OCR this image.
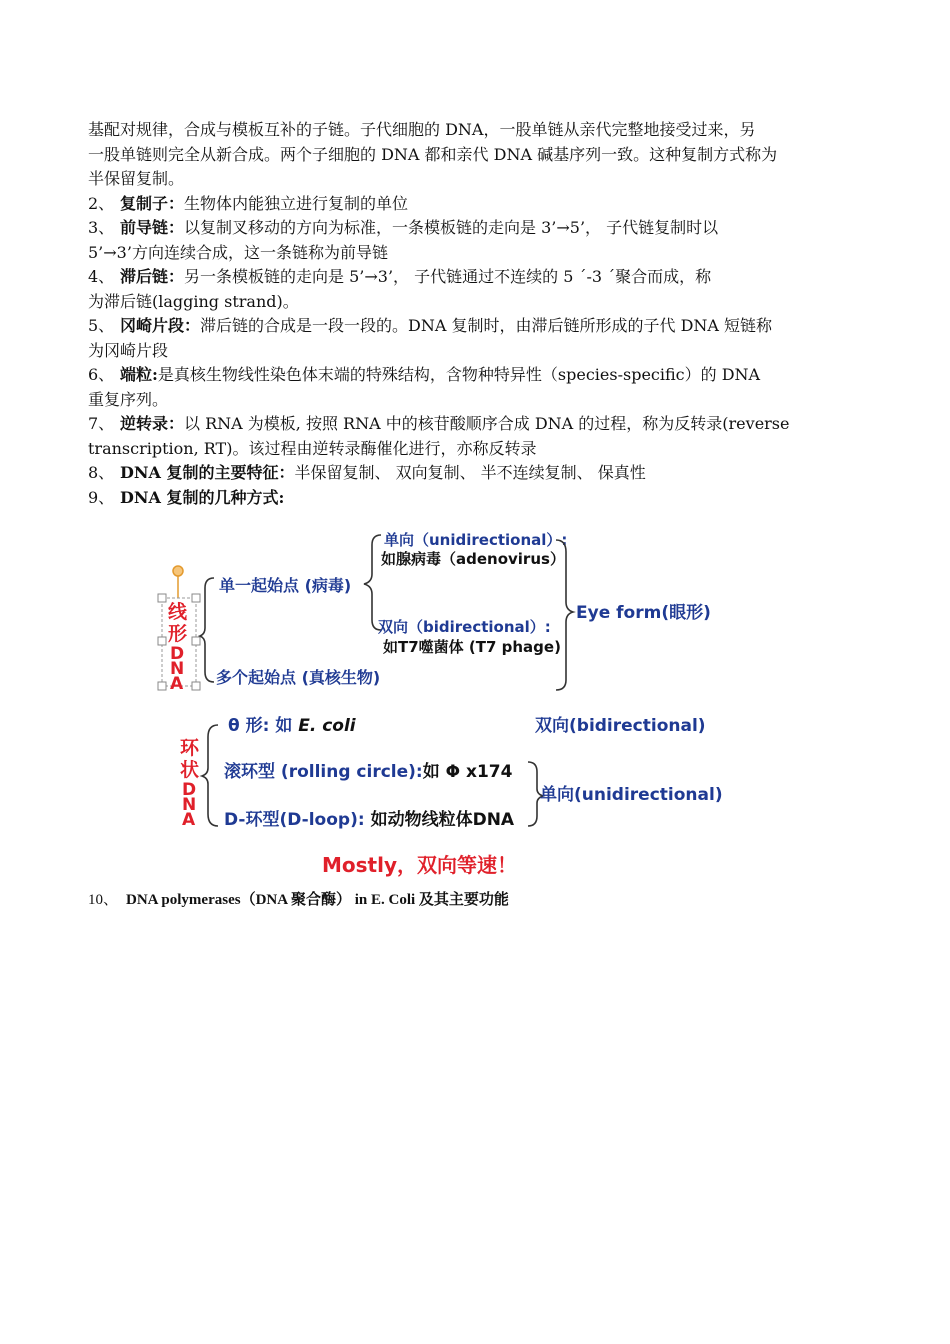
基配对规律，合成与模板互补的子链。子代细胞的 DNA，一股单链从亲代完整地接受过来，另

一股单链则完全从新合成。两个子细胞的 DNA 都和亲代 DNA 碱基序列一致。这种复制方式称为

半保留复制。

2、 复制子：生物体内能独立进行复制的单位

3、 前导链：以复制叉移动的方向为标准，一条模板链的走向是 3’→5’， 子代链复制时以

5’→3’方向连续合成，这一条链称为前导链

4、 滞后链：另一条模板链的走向是 5’→3’， 子代链通过不连续的 5 ´-3 ´聚合而成，称

为滞后链(lagging strand)。

5、 冈崎片段：滞后链的合成是一段一段的。DNA 复制时，由滞后链所形成的子代 DNA 短链称

为冈崎片段

6、 端粒:是真核生物线性染色体末端的特殊结构，含物种特异性（species-specific）的 DNA

重复序列。

7、 逆转录：以 RNA 为模板, 按照 RNA 中的核苷酸顺序合成 DNA 的过程，称为反转录(reverse

transcription, RT)。该过程由逆转录酶催化进行，亦称反转录

8、 DNA 复制的主要特征：半保留复制、 双向复制、 半不连续复制、 保真性

9、 DNA 复制的几种方式:

线
形
D
N
A
单一起始点 (病毒)
多个起始点 (真核生物)
单向（unidirectional）:
如腺病毒（adenovirus）
双向（bidirectional）:
如T7噬菌体 (T7 phage)
Eye form(眼形)
环
状
D
N
A
θ 形: 如 E. coli	双向(bidirectional)
滚环型 (rolling circle):如 Φ x174
D-环型(D-loop): 如动物线粒体DNA
单向(unidirectional)
Mostly，双向等速！
10、 DNA polymerases（DNA 聚合酶） in E. Coli 及其主要功能
